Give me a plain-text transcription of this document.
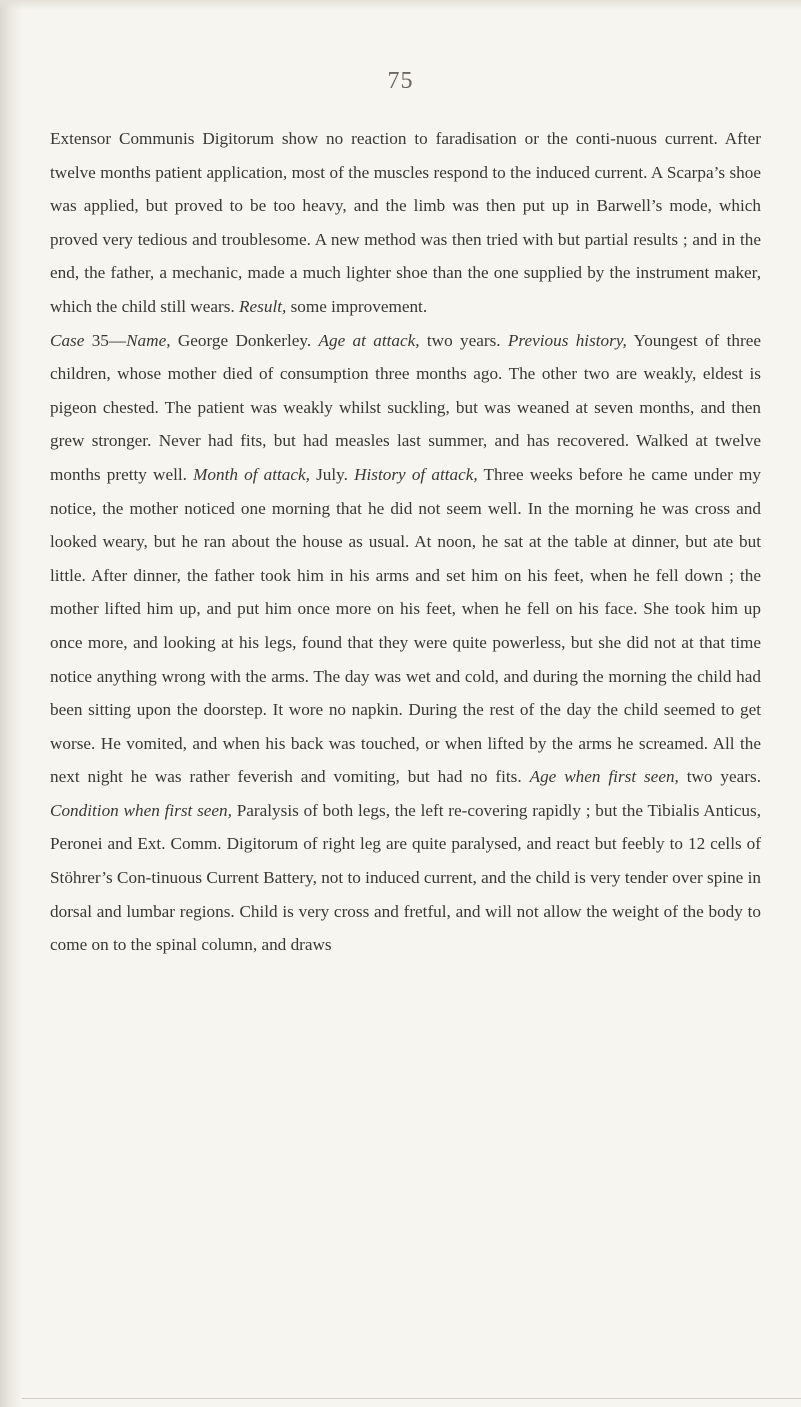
75

Extensor Communis Digitorum show no reaction to faradisation or the conti-nuous current. After twelve months patient application, most of the muscles respond to the induced current. A Scarpa’s shoe was applied, but proved to be too heavy, and the limb was then put up in Barwell’s mode, which proved very tedious and troublesome. A new method was then tried with but partial results ; and in the end, the father, a mechanic, made a much lighter shoe than the one supplied by the instrument maker, which the child still wears. Result, some improvement.

Case 35—Name, George Donkerley. Age at attack, two years. Previous history, Youngest of three children, whose mother died of consumption three months ago. The other two are weakly, eldest is pigeon chested. The patient was weakly whilst suckling, but was weaned at seven months, and then grew stronger. Never had fits, but had measles last summer, and has recovered. Walked at twelve months pretty well. Month of attack, July. History of attack, Three weeks before he came under my notice, the mother noticed one morning that he did not seem well. In the morning he was cross and looked weary, but he ran about the house as usual. At noon, he sat at the table at dinner, but ate but little. After dinner, the father took him in his arms and set him on his feet, when he fell down ; the mother lifted him up, and put him once more on his feet, when he fell on his face. She took him up once more, and looking at his legs, found that they were quite powerless, but she did not at that time notice anything wrong with the arms. The day was wet and cold, and during the morning the child had been sitting upon the doorstep. It wore no napkin. During the rest of the day the child seemed to get worse. He vomited, and when his back was touched, or when lifted by the arms he screamed. All the next night he was rather feverish and vomiting, but had no fits. Age when first seen, two years. Condition when first seen, Paralysis of both legs, the left re-covering rapidly ; but the Tibialis Anticus, Peronei and Ext. Comm. Digitorum of right leg are quite paralysed, and react but feebly to 12 cells of Stöhrer’s Con-tinuous Current Battery, not to induced current, and the child is very tender over spine in dorsal and lumbar regions. Child is very cross and fretful, and will not allow the weight of the body to come on to the spinal column, and draws
